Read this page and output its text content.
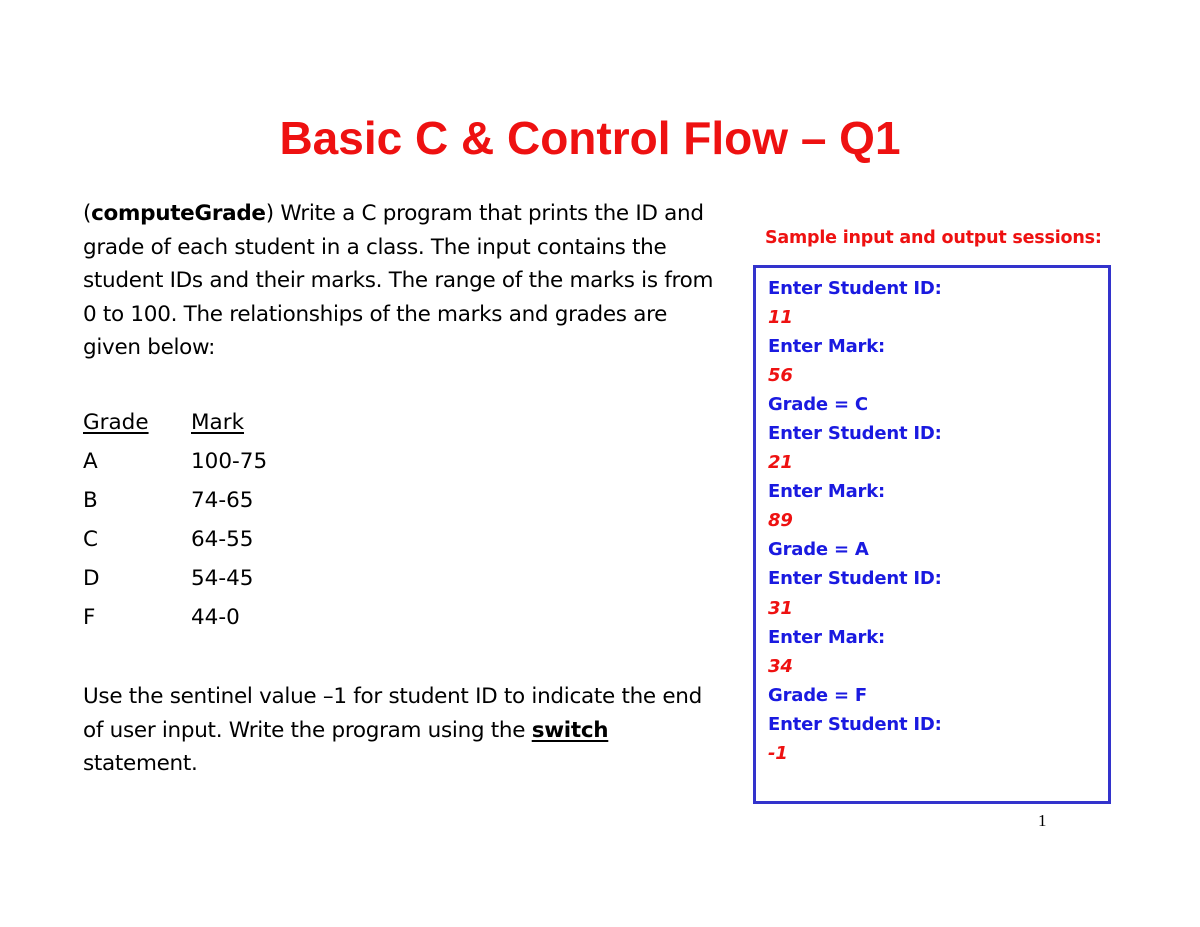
Basic C & Control Flow – Q1
(computeGrade) Write a C program that prints the ID and
grade of each student in a class. The input contains the
student IDs and their marks. The range of the marks is from
0 to 100. The relationships of the marks and grades are
given below:
Grade	Mark
A	100-75
B	74-65
C	64-55
D	54-45
F	44-0
Use the sentinel value –1 for student ID to indicate the end
of user input. Write the program using the switch
statement.
Sample input and output sessions:
Enter Student ID:
11
Enter Mark:
56
Grade = C
Enter Student ID:
21
Enter Mark:
89
Grade = A
Enter Student ID:
31
Enter Mark:
34
Grade = F
Enter Student ID:
-1
1
